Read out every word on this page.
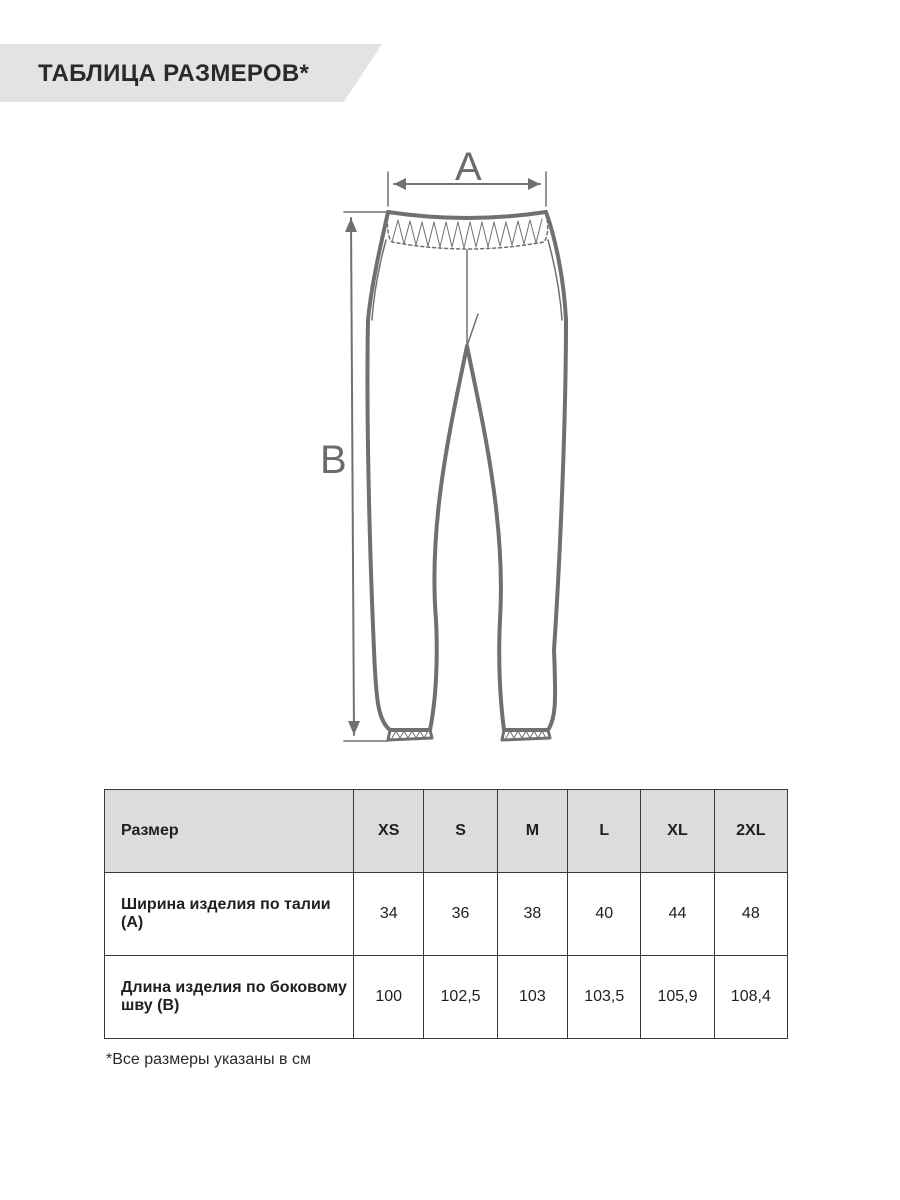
ТАБЛИЦА РАЗМЕРОВ*
A
B
Размер	XS	S	M	L	XL	2XL
Ширина изделия по талии (А)	34	36	38	40	44	48
Длина изделия по боковому шву (В)	100	102,5	103	103,5	105,9	108,4
*Все размеры указаны в см
